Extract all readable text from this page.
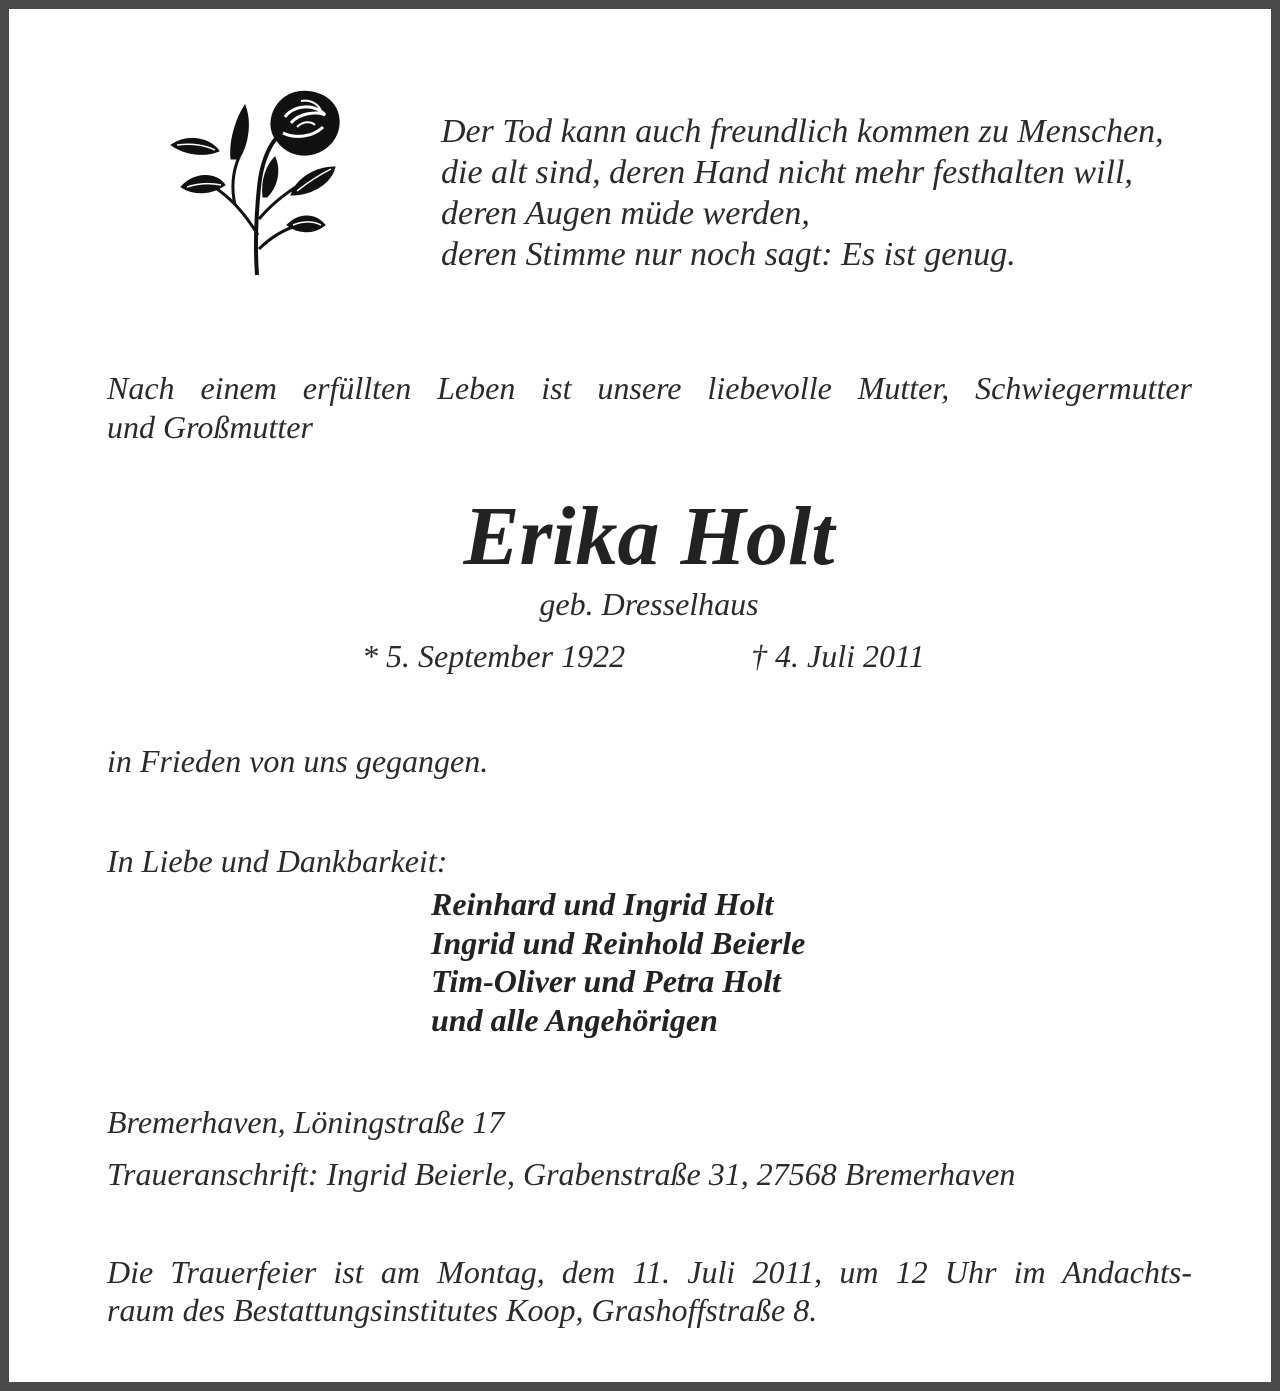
Der Tod kann auch freundlich kommen zu Menschen,
die alt sind, deren Hand nicht mehr festhalten will,
deren Augen müde werden,
deren Stimme nur noch sagt: Es ist genug.
Nach einem erfüllten Leben ist unsere liebevolle Mutter, Schwiegermutter
und Großmutter
Erika Holt
geb. Dresselhaus
* 5. September 1922	† 4. Juli 2011
in Frieden von uns gegangen.
In Liebe und Dankbarkeit:
Reinhard und Ingrid Holt
Ingrid und Reinhold Beierle
Tim-Oliver und Petra Holt
und alle Angehörigen
Bremerhaven, Löningstraße 17
Traueranschrift: Ingrid Beierle, Grabenstraße 31, 27568 Bremerhaven
Die Trauerfeier ist am Montag, dem 11. Juli 2011, um 12 Uhr im Andachts-
raum des Bestattungsinstitutes Koop, Grashoffstraße 8.
